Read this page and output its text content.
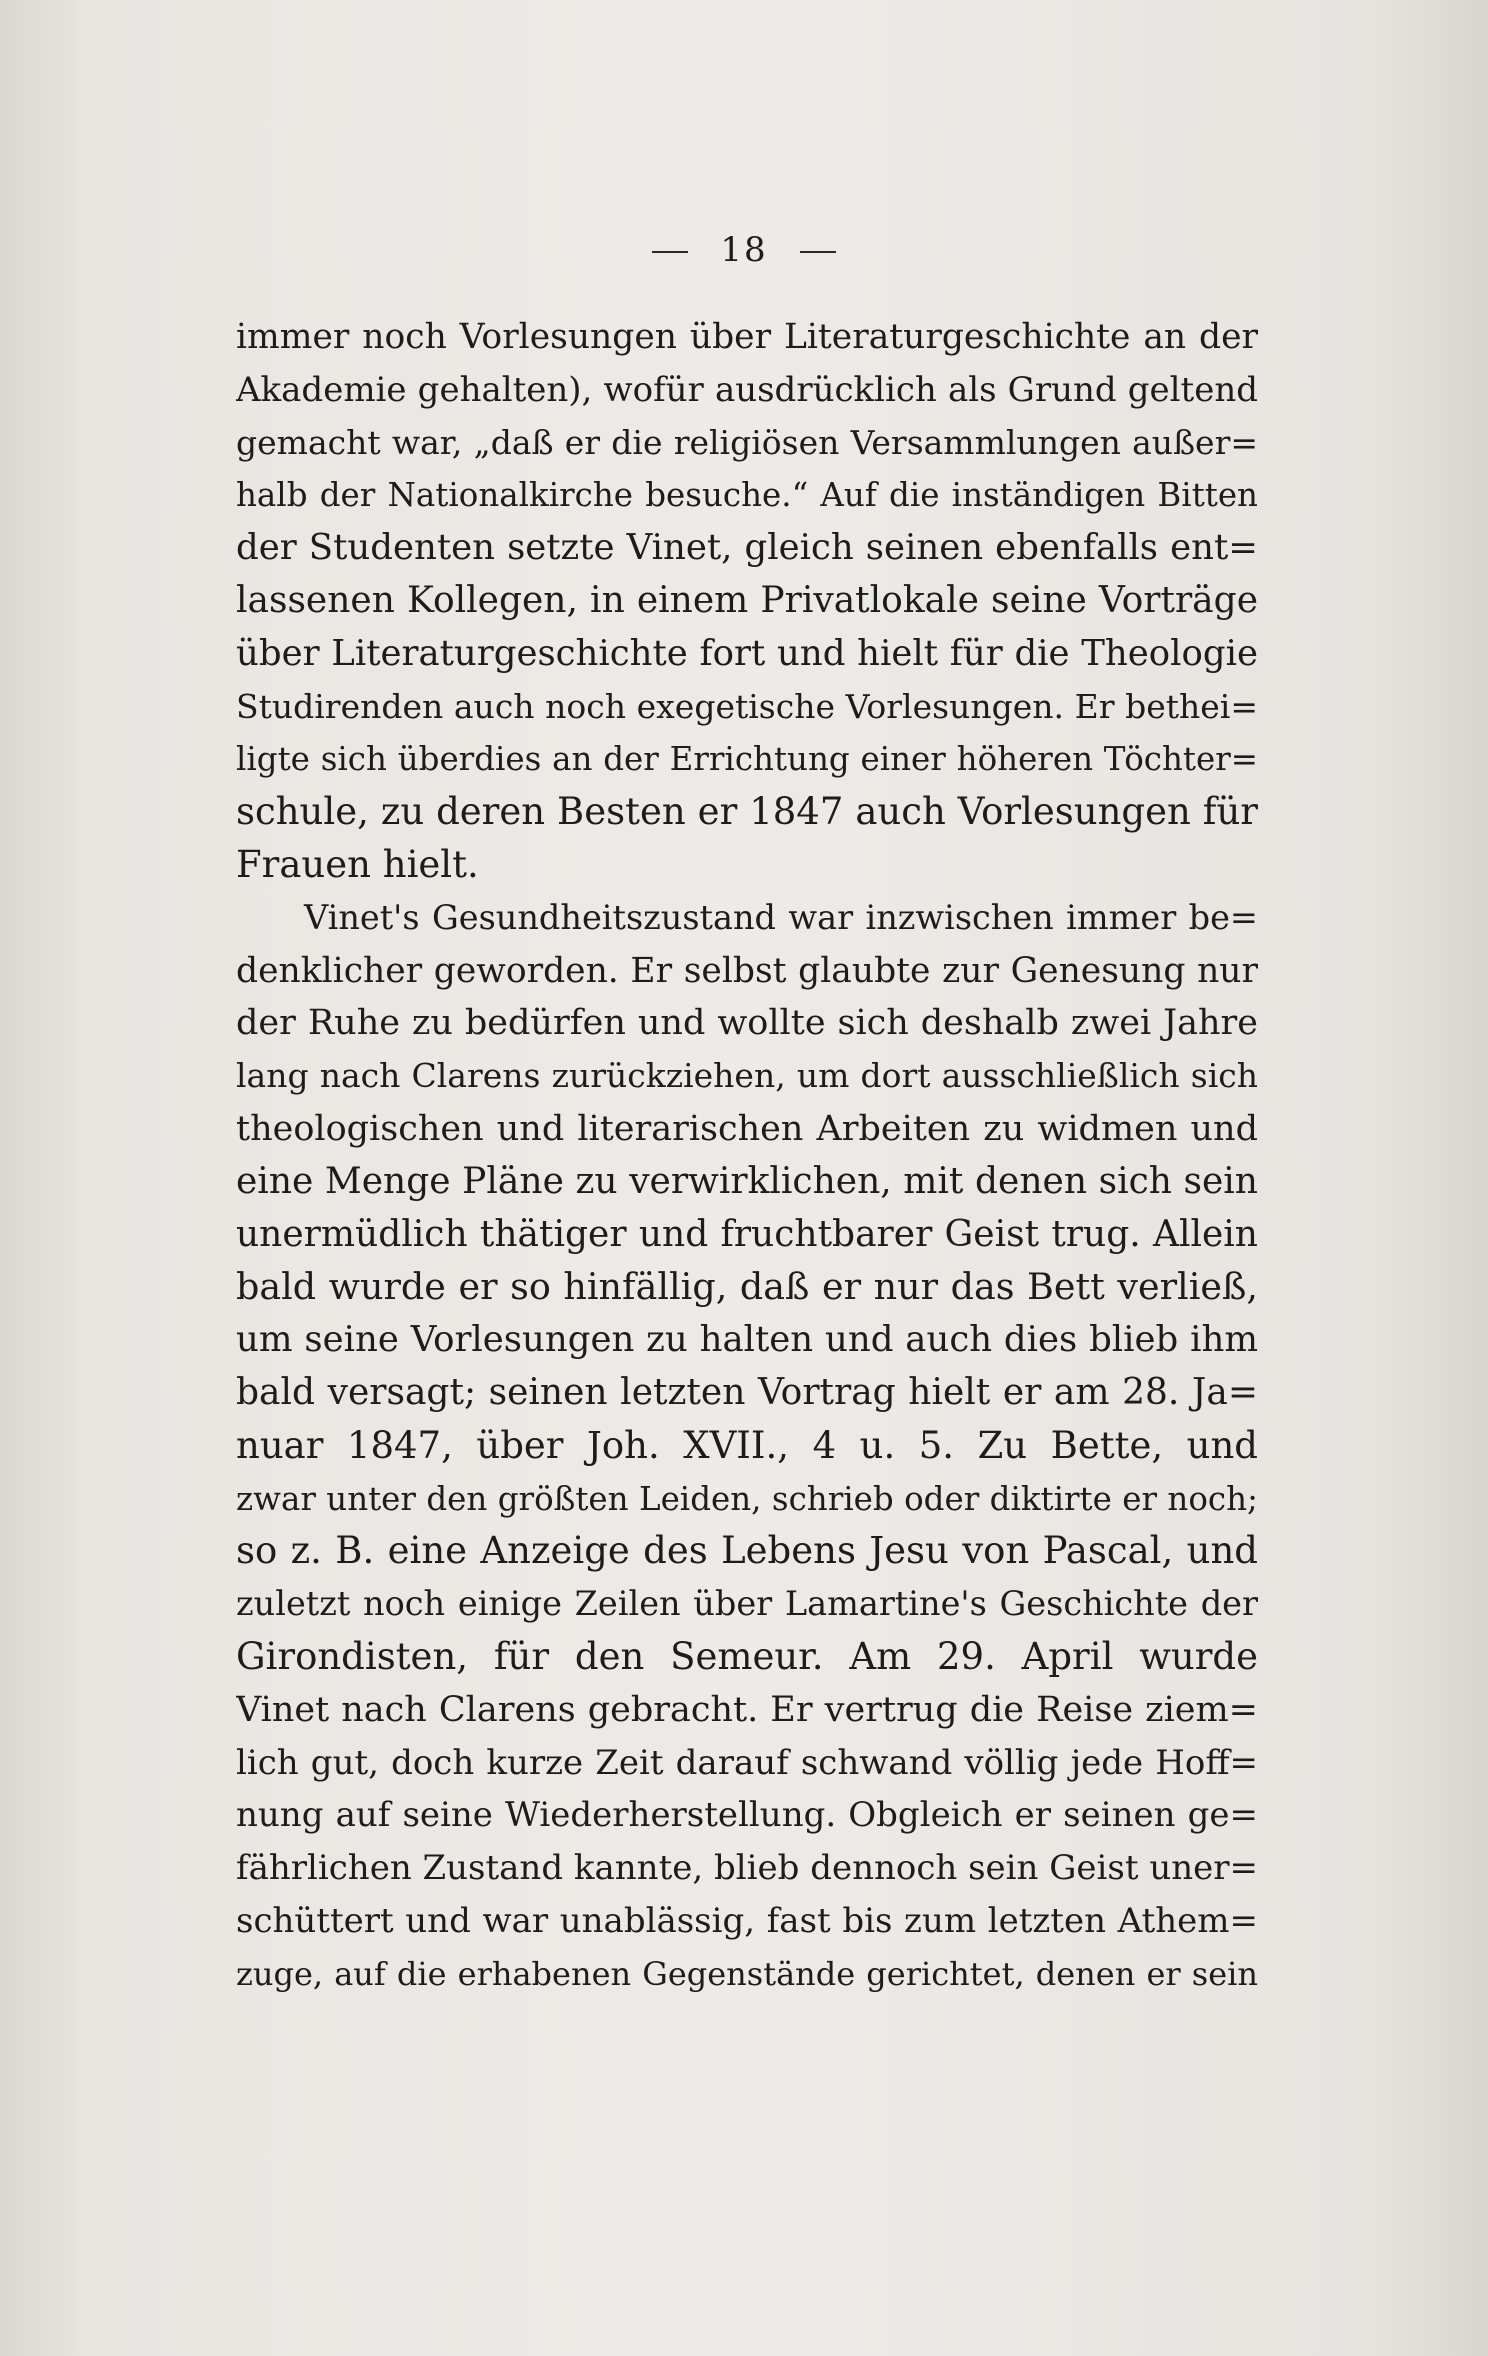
18
immer noch Vorlesungen über Literaturgeschichte an der
Akademie gehalten), wofür ausdrücklich als Grund geltend
gemacht war, „daß er die religiösen Versammlungen außer=
halb der Nationalkirche besuche.“ Auf die inständigen Bitten
der Studenten setzte Vinet, gleich seinen ebenfalls ent=
lassenen Kollegen, in einem Privatlokale seine Vorträge
über Literaturgeschichte fort und hielt für die Theologie
Studirenden auch noch exegetische Vorlesungen. Er bethei=
ligte sich überdies an der Errichtung einer höheren Töchter=
schule, zu deren Besten er 1847 auch Vorlesungen für
Frauen hielt.
Vinet's Gesundheitszustand war inzwischen immer be=
denklicher geworden. Er selbst glaubte zur Genesung nur
der Ruhe zu bedürfen und wollte sich deshalb zwei Jahre
lang nach Clarens zurückziehen, um dort ausschließlich sich
theologischen und literarischen Arbeiten zu widmen und
eine Menge Pläne zu verwirklichen, mit denen sich sein
unermüdlich thätiger und fruchtbarer Geist trug. Allein
bald wurde er so hinfällig, daß er nur das Bett verließ,
um seine Vorlesungen zu halten und auch dies blieb ihm
bald versagt; seinen letzten Vortrag hielt er am 28. Ja=
nuar 1847, über Joh. XVII., 4 u. 5. Zu Bette, und
zwar unter den größten Leiden, schrieb oder diktirte er noch;
so z. B. eine Anzeige des Lebens Jesu von Pascal, und
zuletzt noch einige Zeilen über Lamartine's Geschichte der
Girondisten, für den Semeur. Am 29. April wurde
Vinet nach Clarens gebracht. Er vertrug die Reise ziem=
lich gut, doch kurze Zeit darauf schwand völlig jede Hoff=
nung auf seine Wiederherstellung. Obgleich er seinen ge=
fährlichen Zustand kannte, blieb dennoch sein Geist uner=
schüttert und war unablässig, fast bis zum letzten Athem=
zuge, auf die erhabenen Gegenstände gerichtet, denen er sein
